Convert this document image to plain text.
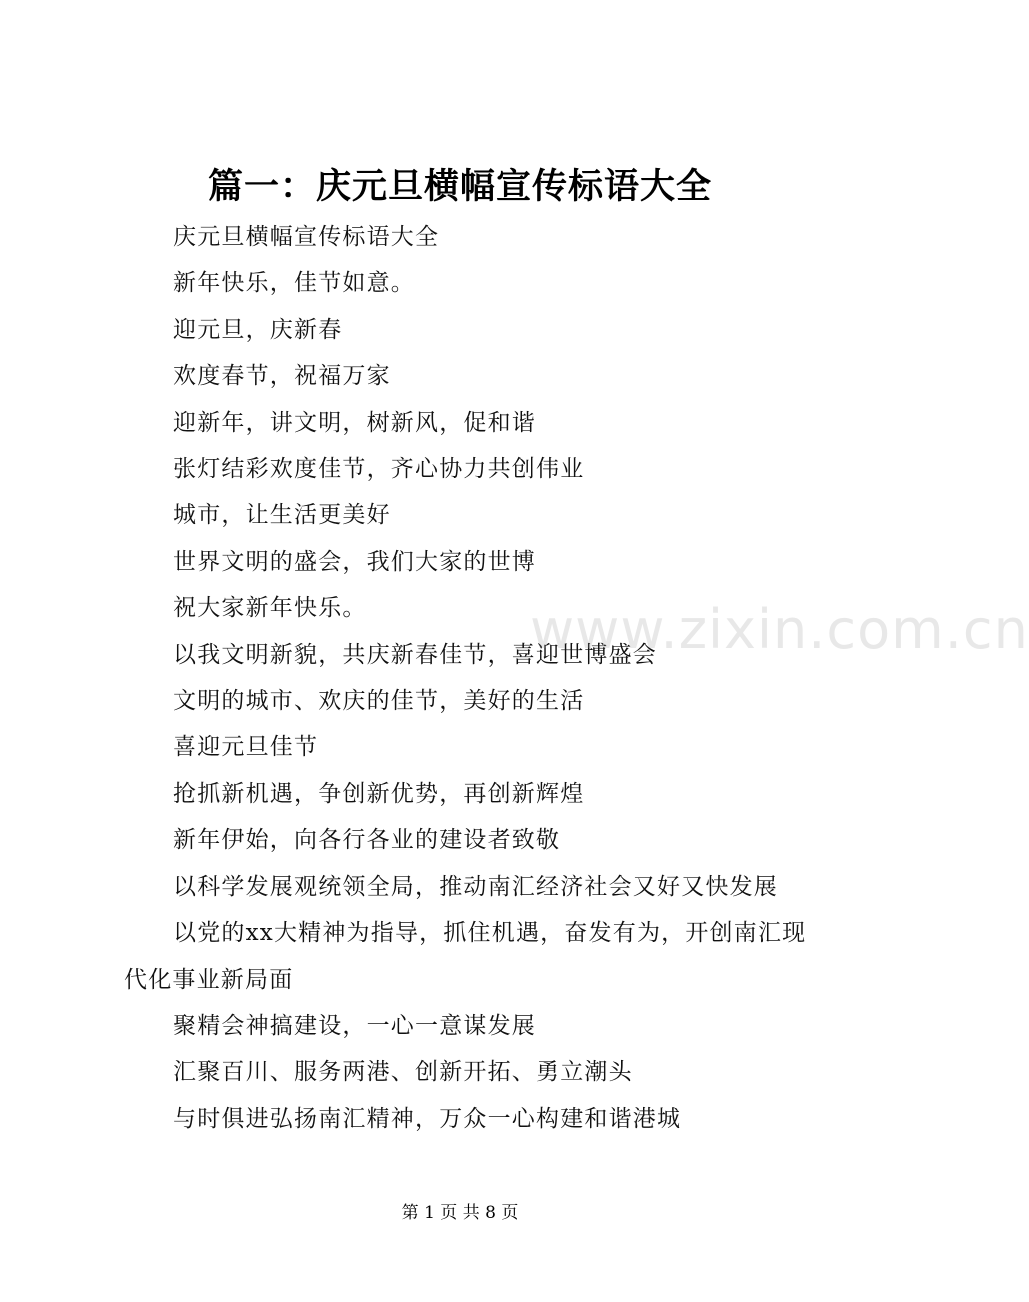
篇一：庆元旦横幅宣传标语大全

庆元旦横幅宣传标语大全

新年快乐，佳节如意。

迎元旦，庆新春

欢度春节，祝福万家

迎新年，讲文明，树新风，促和谐

张灯结彩欢度佳节，齐心协力共创伟业

城市，让生活更美好

世界文明的盛会，我们大家的世博

祝大家新年快乐。

以我文明新貌，共庆新春佳节，喜迎世博盛会

文明的城市、欢庆的佳节，美好的生活

喜迎元旦佳节

抢抓新机遇，争创新优势，再创新辉煌

新年伊始，向各行各业的建设者致敬

以科学发展观统领全局，推动南汇经济社会又好又快发展

以党的xx大精神为指导，抓住机遇，奋发有为，开创南汇现代化事业新局面

聚精会神搞建设，一心一意谋发展

汇聚百川、服务两港、创新开拓、勇立潮头

与时俱进弘扬南汇精神，万众一心构建和谐港城

www.zixin.com.cn
第 1 页 共 8 页
